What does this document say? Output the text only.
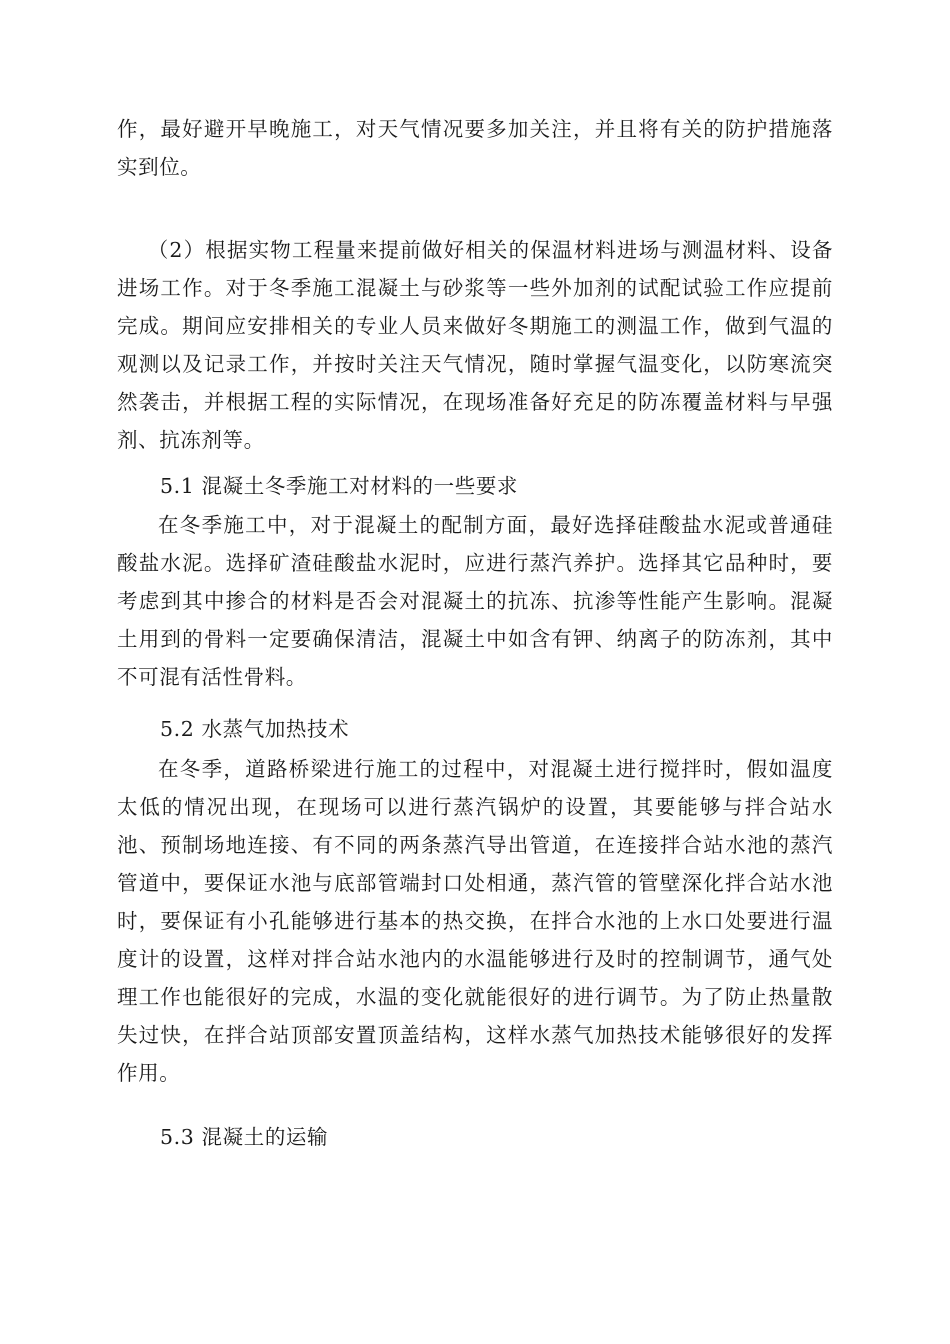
作，最好避开早晚施工，对天气情况要多加关注，并且将有关的防护措施落实到位。

（2）根据实物工程量来提前做好相关的保温材料进场与测温材料、设备进场工作。对于冬季施工混凝土与砂浆等一些外加剂的试配试验工作应提前完成。期间应安排相关的专业人员来做好冬期施工的测温工作，做到气温的观测以及记录工作，并按时关注天气情况，随时掌握气温变化，以防寒流突然袭击，并根据工程的实际情况，在现场准备好充足的防冻覆盖材料与早强剂、抗冻剂等。

5.1 混凝土冬季施工对材料的一些要求

在冬季施工中，对于混凝土的配制方面，最好选择硅酸盐水泥或普通硅酸盐水泥。选择矿渣硅酸盐水泥时，应进行蒸汽养护。选择其它品种时，要考虑到其中掺合的材料是否会对混凝土的抗冻、抗渗等性能产生影响。混凝土用到的骨料一定要确保清洁，混凝土中如含有钾、纳离子的防冻剂，其中不可混有活性骨料。

5.2 水蒸气加热技术

在冬季，道路桥梁进行施工的过程中，对混凝土进行搅拌时，假如温度太低的情况出现，在现场可以进行蒸汽锅炉的设置，其要能够与拌合站水池、预制场地连接、有不同的两条蒸汽导出管道，在连接拌合站水池的蒸汽管道中，要保证水池与底部管端封口处相通，蒸汽管的管壁深化拌合站水池时，要保证有小孔能够进行基本的热交换，在拌合水池的上水口处要进行温度计的设置，这样对拌合站水池内的水温能够进行及时的控制调节，通气处理工作也能很好的完成，水温的变化就能很好的进行调节。为了防止热量散失过快，在拌合站顶部安置顶盖结构，这样水蒸气加热技术能够很好的发挥作用。

5.3 混凝土的运输
